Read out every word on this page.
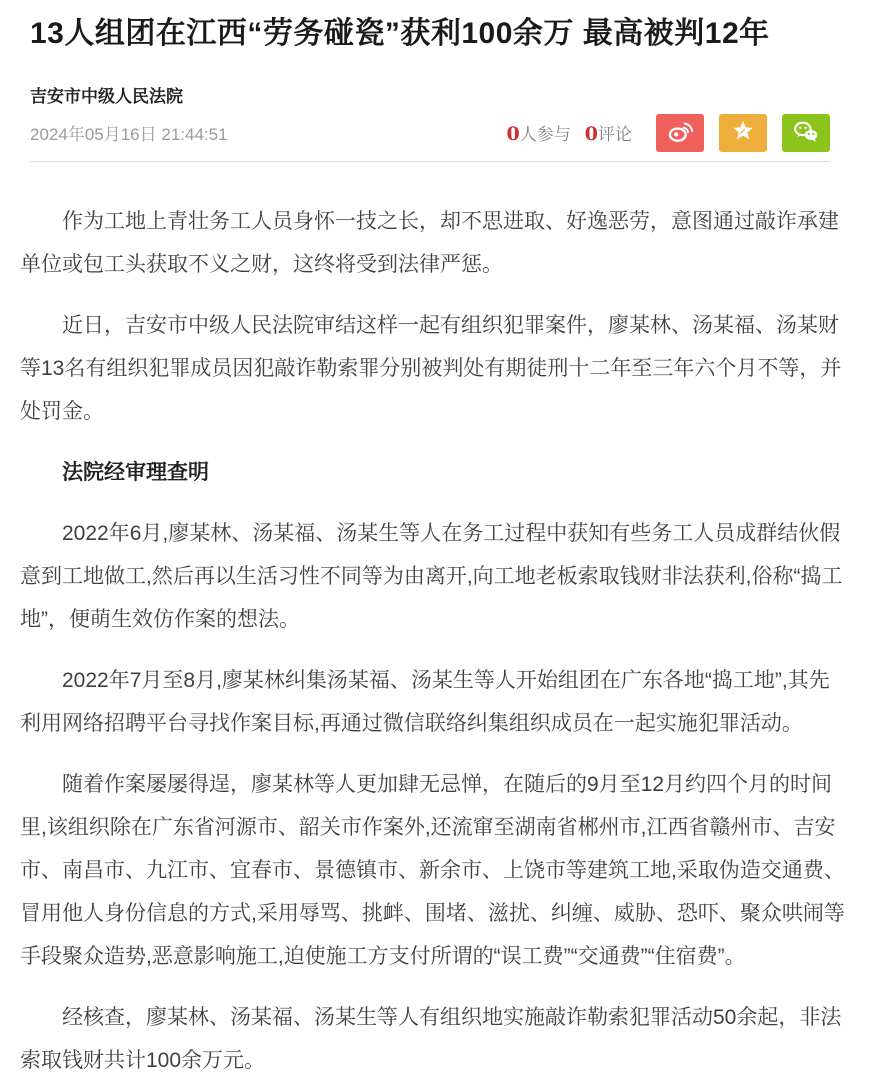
13人组团在江西“劳务碰瓷”获利100余万 最高被判12年
吉安市中级人民法院
2024年05月16日 21:44:51	0 人参与 0 评论

作为工地上青壮务工人员身怀一技之长，却不思进取、好逸恶劳，意图通过敲诈承建单位或包工头获取不义之财，这终将受到法律严惩。

近日，吉安市中级人民法院审结这样一起有组织犯罪案件，廖某林、汤某福、汤某财等13名有组织犯罪成员因犯敲诈勒索罪分别被判处有期徒刑十二年至三年六个月不等，并处罚金。

法院经审理查明

2022年6月,廖某林、汤某福、汤某生等人在务工过程中获知有些务工人员成群结伙假意到工地做工,然后再以生活习性不同等为由离开,向工地老板索取钱财非法获利,俗称“捣工地”，便萌生效仿作案的想法。

2022年7月至8月,廖某林纠集汤某福、汤某生等人开始组团在广东各地“捣工地”,其先利用网络招聘平台寻找作案目标,再通过微信联络纠集组织成员在一起实施犯罪活动。

随着作案屡屡得逞，廖某林等人更加肆无忌惮，在随后的9月至12月约四个月的时间里,该组织除在广东省河源市、韶关市作案外,还流窜至湖南省郴州市,江西省赣州市、吉安市、南昌市、九江市、宜春市、景德镇市、新余市、上饶市等建筑工地,采取伪造交通费、冒用他人身份信息的方式,采用辱骂、挑衅、围堵、滋扰、纠缠、威胁、恐吓、聚众哄闹等手段聚众造势,恶意影响施工,迫使施工方支付所谓的“误工费”“交通费”“住宿费”。

经核查，廖某林、汤某福、汤某生等人有组织地实施敲诈勒索犯罪活动50余起，非法索取钱财共计100余万元。
